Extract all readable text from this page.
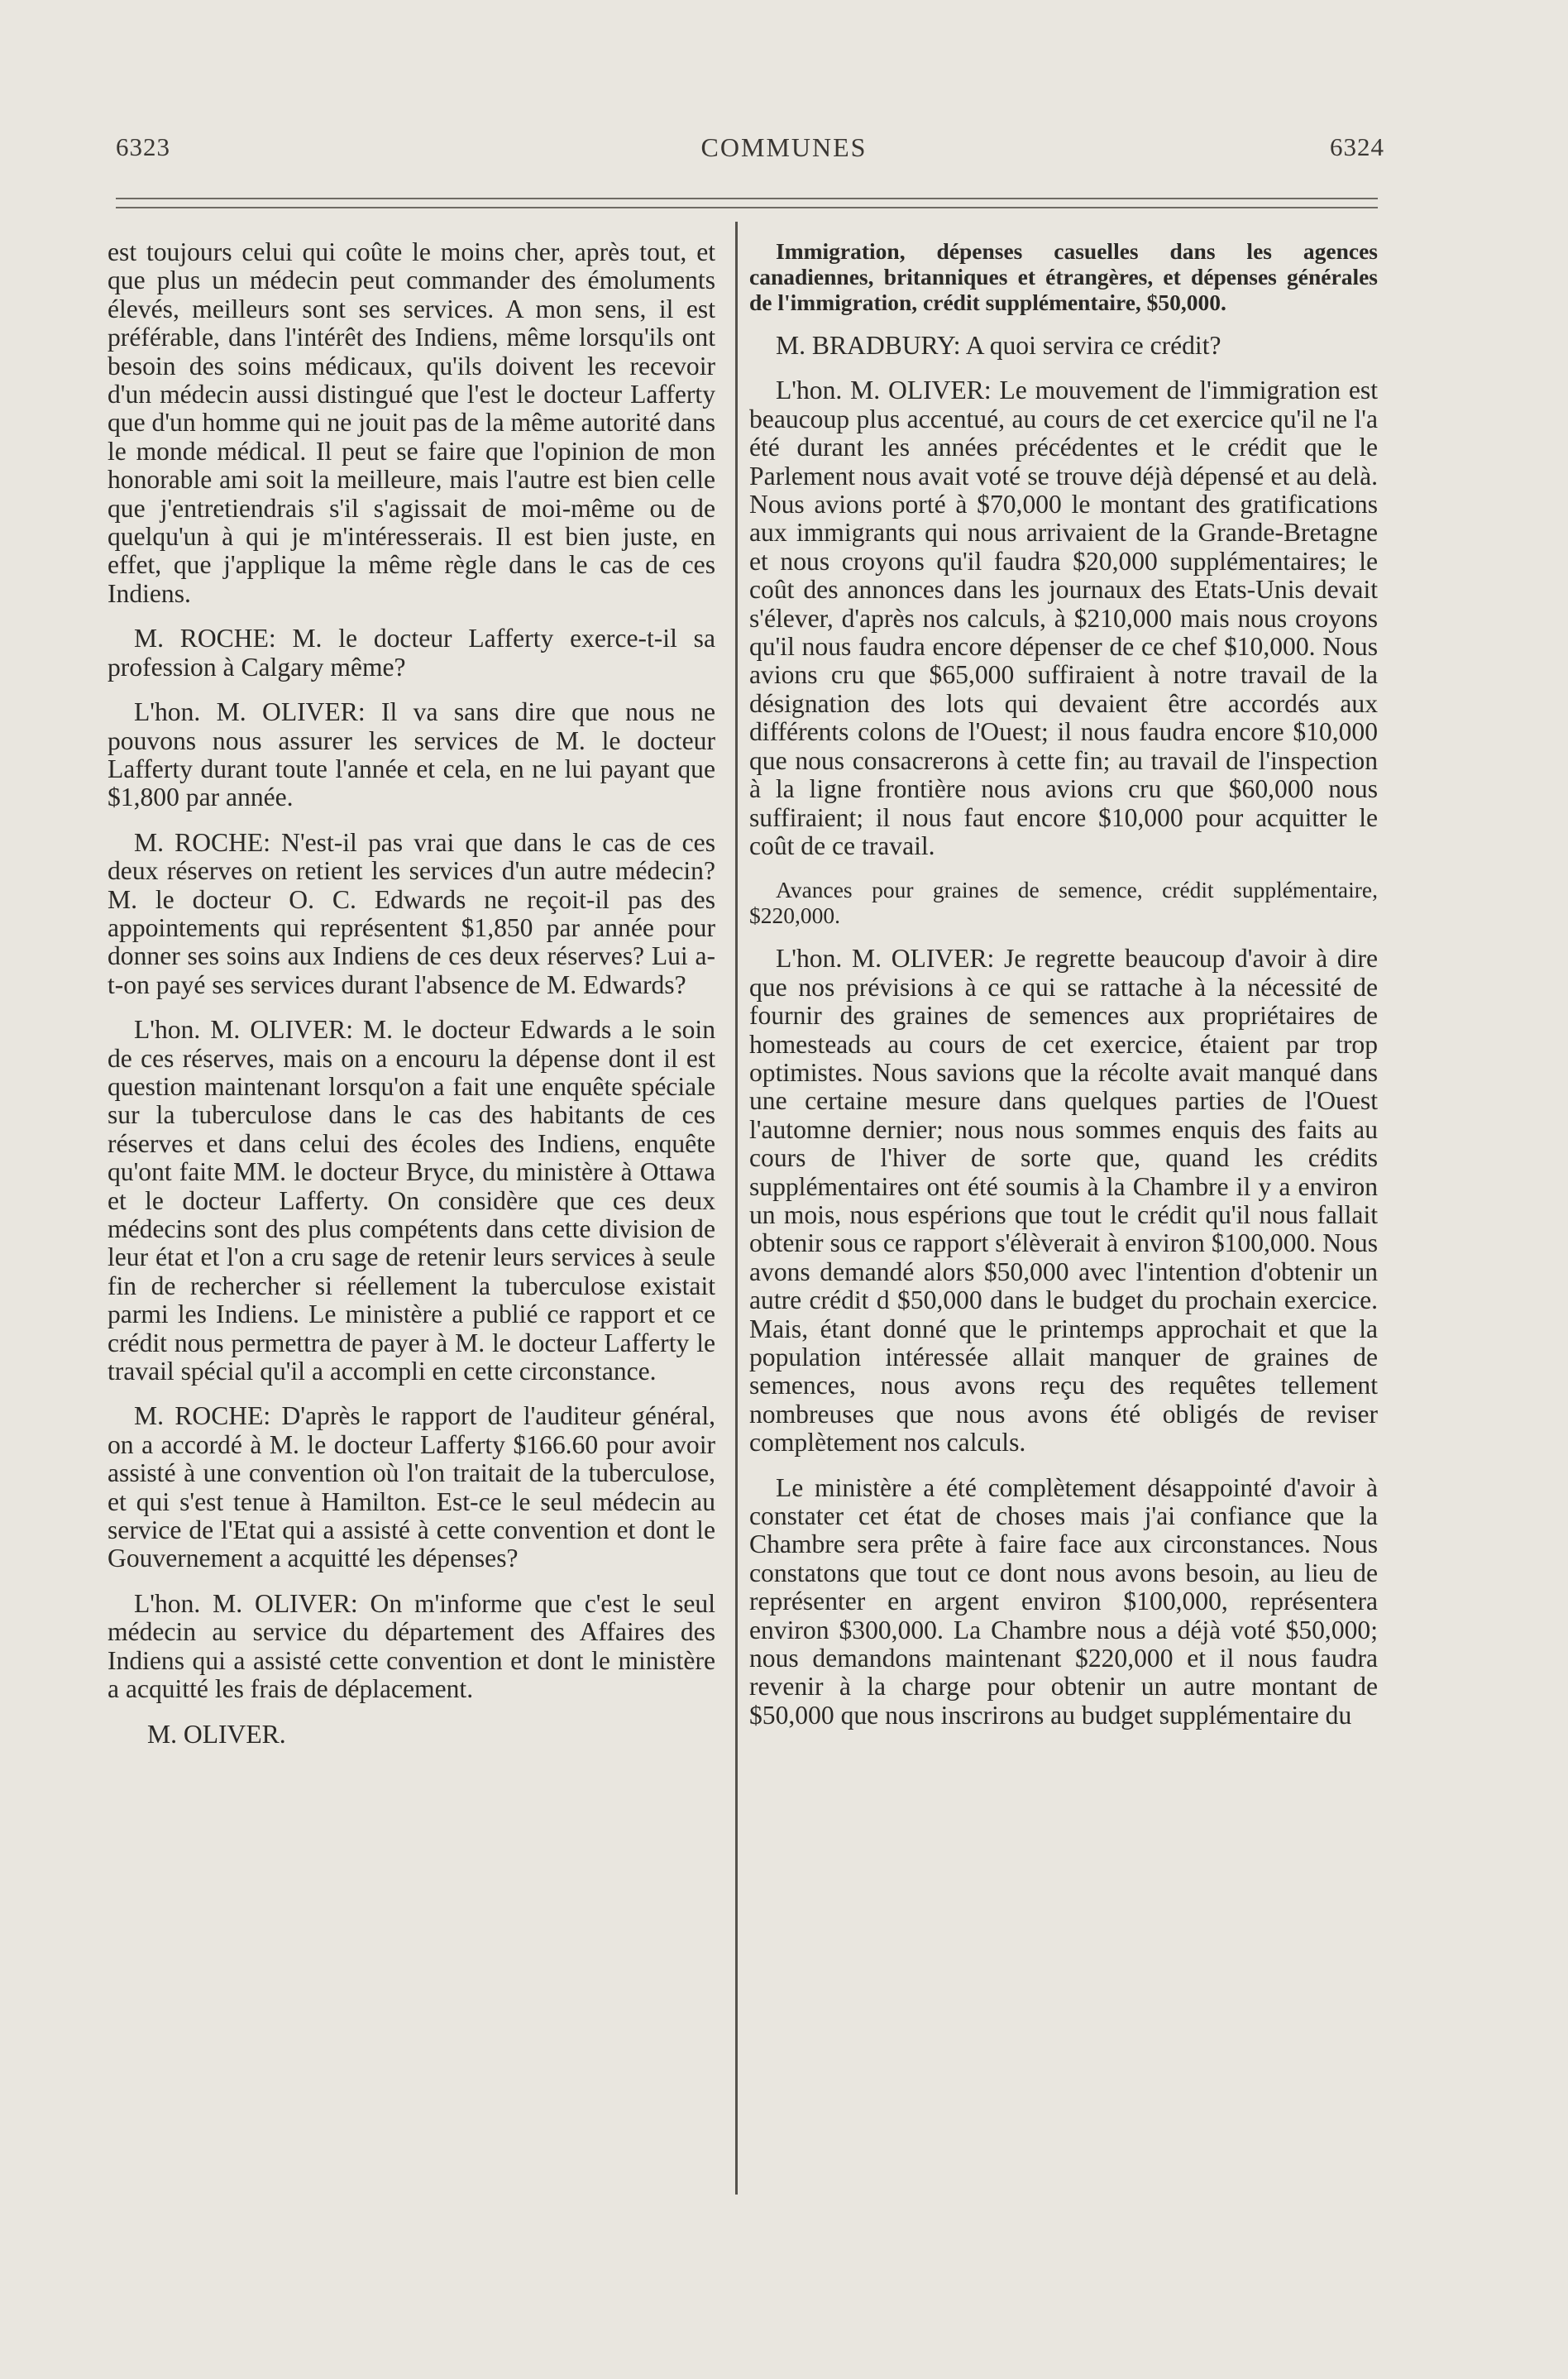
6323	COMMUNES	6324

est toujours celui qui coûte le moins cher, après tout, et que plus un médecin peut commander des émoluments élevés, meilleurs sont ses services. A mon sens, il est préférable, dans l'intérêt des Indiens, même lorsqu'ils ont besoin des soins médicaux, qu'ils doivent les recevoir d'un médecin aussi distingué que l'est le docteur Lafferty que d'un homme qui ne jouit pas de la même autorité dans le monde médical. Il peut se faire que l'opinion de mon honorable ami soit la meilleure, mais l'autre est bien celle que j'entretiendrais s'il s'agissait de moi-même ou de quelqu'un à qui je m'intéresserais. Il est bien juste, en effet, que j'applique la même règle dans le cas de ces Indiens.

M. ROCHE: M. le docteur Lafferty exerce-t-il sa profession à Calgary même?

L'hon. M. OLIVER: Il va sans dire que nous ne pouvons nous assurer les services de M. le docteur Lafferty durant toute l'année et cela, en ne lui payant que $1,800 par année.

M. ROCHE: N'est-il pas vrai que dans le cas de ces deux réserves on retient les services d'un autre médecin? M. le docteur O. C. Edwards ne reçoit-il pas des appointements qui représentent $1,850 par année pour donner ses soins aux Indiens de ces deux réserves? Lui a-t-on payé ses services durant l'absence de M. Edwards?

L'hon. M. OLIVER: M. le docteur Edwards a le soin de ces réserves, mais on a encouru la dépense dont il est question maintenant lorsqu'on a fait une enquête spéciale sur la tuberculose dans le cas des habitants de ces réserves et dans celui des écoles des Indiens, enquête qu'ont faite MM. le docteur Bryce, du ministère à Ottawa et le docteur Lafferty. On considère que ces deux médecins sont des plus compétents dans cette division de leur état et l'on a cru sage de retenir leurs services à seule fin de rechercher si réellement la tuberculose existait parmi les Indiens. Le ministère a publié ce rapport et ce crédit nous permettra de payer à M. le docteur Lafferty le travail spécial qu'il a accompli en cette circonstance.

M. ROCHE: D'après le rapport de l'auditeur général, on a accordé à M. le docteur Lafferty $166.60 pour avoir assisté à une convention où l'on traitait de la tuberculose, et qui s'est tenue à Hamilton. Est-ce le seul médecin au service de l'Etat qui a assisté à cette convention et dont le Gouvernement a acquitté les dépenses?

L'hon. M. OLIVER: On m'informe que c'est le seul médecin au service du département des Affaires des Indiens qui a assisté cette convention et dont le ministère a acquitté les frais de déplacement.

M. OLIVER.

Immigration, dépenses casuelles dans les agences canadiennes, britanniques et étrangères, et dépenses générales de l'immigration, crédit supplémentaire, $50,000.

M. BRADBURY: A quoi servira ce crédit?

L'hon. M. OLIVER: Le mouvement de l'immigration est beaucoup plus accentué, au cours de cet exercice qu'il ne l'a été durant les années précédentes et le crédit que le Parlement nous avait voté se trouve déjà dépensé et au delà. Nous avions porté à $70,000 le montant des gratifications aux immigrants qui nous arrivaient de la Grande-Bretagne et nous croyons qu'il faudra $20,000 supplémentaires; le coût des annonces dans les journaux des Etats-Unis devait s'élever, d'après nos calculs, à $210,000 mais nous croyons qu'il nous faudra encore dépenser de ce chef $10,000. Nous avions cru que $65,000 suffiraient à notre travail de la désignation des lots qui devaient être accordés aux différents colons de l'Ouest; il nous faudra encore $10,000 que nous consacrerons à cette fin; au travail de l'inspection à la ligne frontière nous avions cru que $60,000 nous suffiraient; il nous faut encore $10,000 pour acquitter le coût de ce travail.

Avances pour graines de semence, crédit supplémentaire, $220,000.

L'hon. M. OLIVER: Je regrette beaucoup d'avoir à dire que nos prévisions à ce qui se rattache à la nécessité de fournir des graines de semences aux propriétaires de homesteads au cours de cet exercice, étaient par trop optimistes. Nous savions que la récolte avait manqué dans une certaine mesure dans quelques parties de l'Ouest l'automne dernier; nous nous sommes enquis des faits au cours de l'hiver de sorte que, quand les crédits supplémentaires ont été soumis à la Chambre il y a environ un mois, nous espérions que tout le crédit qu'il nous fallait obtenir sous ce rapport s'élèverait à environ $100,000. Nous avons demandé alors $50,000 avec l'intention d'obtenir un autre crédit d $50,000 dans le budget du prochain exercice. Mais, étant donné que le printemps approchait et que la population intéressée allait manquer de graines de semences, nous avons reçu des requêtes tellement nombreuses que nous avons été obligés de reviser complètement nos calculs.

Le ministère a été complètement désappointé d'avoir à constater cet état de choses mais j'ai confiance que la Chambre sera prête à faire face aux circonstances. Nous constatons que tout ce dont nous avons besoin, au lieu de représenter en argent environ $100,000, représentera environ $300,000. La Chambre nous a déjà voté $50,000; nous demandons maintenant $220,000 et il nous faudra revenir à la charge pour obtenir un autre montant de $50,000 que nous inscrirons au budget supplémentaire du
